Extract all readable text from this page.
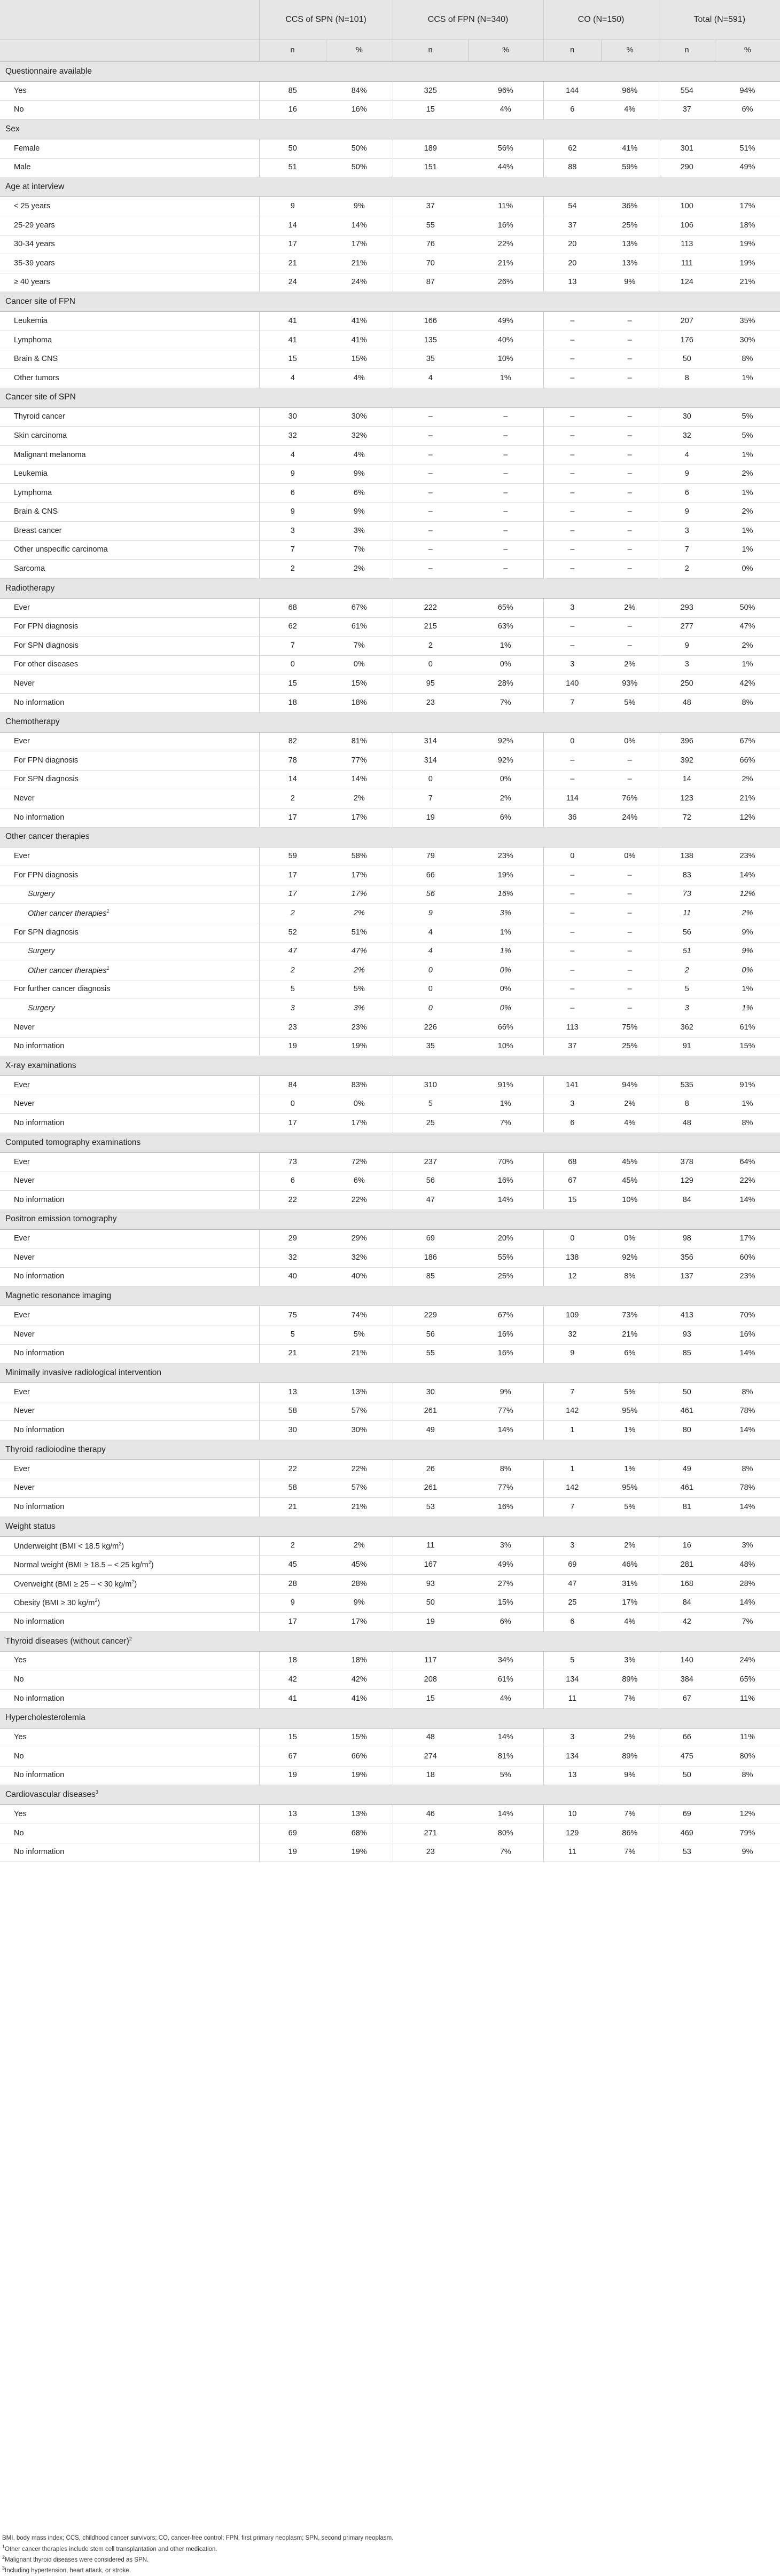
	CCS of SPN (N=101)		CCS of FPN (N=340)		CO (N=150)		Total (N=591)	
	n	%	n	%	n	%	n	%
Questionnaire available								
Yes	85	84%	325	96%	144	96%	554	94%
No	16	16%	15	4%	6	4%	37	6%
Sex								
Female	50	50%	189	56%	62	41%	301	51%
Male	51	50%	151	44%	88	59%	290	49%
Age at interview								
< 25 years	9	9%	37	11%	54	36%	100	17%
25-29 years	14	14%	55	16%	37	25%	106	18%
30-34 years	17	17%	76	22%	20	13%	113	19%
35-39 years	21	21%	70	21%	20	13%	111	19%
≥ 40 years	24	24%	87	26%	13	9%	124	21%
Cancer site of FPN								
Leukemia	41	41%	166	49%	–	–	207	35%
Lymphoma	41	41%	135	40%	–	–	176	30%
Brain & CNS	15	15%	35	10%	–	–	50	8%
Other tumors	4	4%	4	1%	–	–	8	1%
Cancer site of SPN								
Thyroid cancer	30	30%	–	–	–	–	30	5%
Skin carcinoma	32	32%	–	–	–	–	32	5%
Malignant melanoma	4	4%	–	–	–	–	4	1%
Leukemia	9	9%	–	–	–	–	9	2%
Lymphoma	6	6%	–	–	–	–	6	1%
Brain & CNS	9	9%	–	–	–	–	9	2%
Breast cancer	3	3%	–	–	–	–	3	1%
Other unspecific carcinoma	7	7%	–	–	–	–	7	1%
Sarcoma	2	2%	–	–	–	–	2	0%
Radiotherapy								
Ever	68	67%	222	65%	3	2%	293	50%
For FPN diagnosis	62	61%	215	63%	–	–	277	47%
For SPN diagnosis	7	7%	2	1%	–	–	9	2%
For other diseases	0	0%	0	0%	3	2%	3	1%
Never	15	15%	95	28%	140	93%	250	42%
No information	18	18%	23	7%	7	5%	48	8%
Chemotherapy								
Ever	82	81%	314	92%	0	0%	396	67%
For FPN diagnosis	78	77%	314	92%	–	–	392	66%
For SPN diagnosis	14	14%	0	0%	–	–	14	2%
Never	2	2%	7	2%	114	76%	123	21%
No information	17	17%	19	6%	36	24%	72	12%
Other cancer therapies								
Ever	59	58%	79	23%	0	0%	138	23%
For FPN diagnosis	17	17%	66	19%	–	–	83	14%
Surgery	17	17%	56	16%	–	–	73	12%
Other cancer therapies$^1$	2	2%	9	3%	–	–	11	2%
For SPN diagnosis	52	51%	4	1%	–	–	56	9%
Surgery	47	47%	4	1%	–	–	51	9%
Other cancer therapies$^1$	2	2%	0	0%	–	–	2	0%
For further cancer diagnosis	5	5%	0	0%	–	–	5	1%
Surgery	3	3%	0	0%	–	–	3	1%
Never	23	23%	226	66%	113	75%	362	61%
No information	19	19%	35	10%	37	25%	91	15%
X-ray examinations								
Ever	84	83%	310	91%	141	94%	535	91%
Never	0	0%	5	1%	3	2%	8	1%
No information	17	17%	25	7%	6	4%	48	8%
Computed tomography examinations								
Ever	73	72%	237	70%	68	45%	378	64%
Never	6	6%	56	16%	67	45%	129	22%
No information	22	22%	47	14%	15	10%	84	14%
Positron emission tomography								
Ever	29	29%	69	20%	0	0%	98	17%
Never	32	32%	186	55%	138	92%	356	60%
No information	40	40%	85	25%	12	8%	137	23%
Magnetic resonance imaging								
Ever	75	74%	229	67%	109	73%	413	70%
Never	5	5%	56	16%	32	21%	93	16%
No information	21	21%	55	16%	9	6%	85	14%
Minimally invasive radiological intervention								
Ever	13	13%	30	9%	7	5%	50	8%
Never	58	57%	261	77%	142	95%	461	78%
No information	30	30%	49	14%	1	1%	80	14%
Thyroid radioiodine therapy								
Ever	22	22%	26	8%	1	1%	49	8%
Never	58	57%	261	77%	142	95%	461	78%
No information	21	21%	53	16%	7	5%	81	14%
Weight status								
Underweight (BMI < 18.5 $kg/m^2$)	2	2%	11	3%	3	2%	16	3%
Normal weight (BMI ≥ 18.5 – < 25 $kg/m^2$)	45	45%	167	49%	69	46%	281	48%
Overweight (BMI ≥ 25 – < 30 $kg/m^2$)	28	28%	93	27%	47	31%	168	28%
Obesity (BMI ≥ 30 $kg/m^2$)	9	9%	50	15%	25	17%	84	14%
No information	17	17%	19	6%	6	4%	42	7%
Thyroid diseases (without cancer)$^2$
Yes	18	18%	117	34%	5	3%	140	24%
No	42	42%	208	61%	134	89%	384	65%
No information	41	41%	15	4%	11	7%	67	11%
Hypercholesterolemia								
Yes	15	15%	48	14%	3	2%	66	11%
No	67	66%	274	81%	134	89%	475	80%
No information	19	19%	18	5%	13	9%	50	8%
Cardiovascular diseases$^3$
Yes	13	13%	46	14%	10	7%	69	12%
No	69	68%	271	80%	129	86%	469	79%
No information	19	19%	23	7%	11	7%	53	9%
BMI, body mass index; CCS, childhood cancer survivors; CO, cancer-free control; FPN, first primary neoplasm; SPN, second primary neoplasm.
$^1$Other cancer therapies include stem cell transplantation and other medication.
$^2$Malignant thyroid diseases were considered as SPN.
$^3$Including hypertension, heart attack, or stroke.
